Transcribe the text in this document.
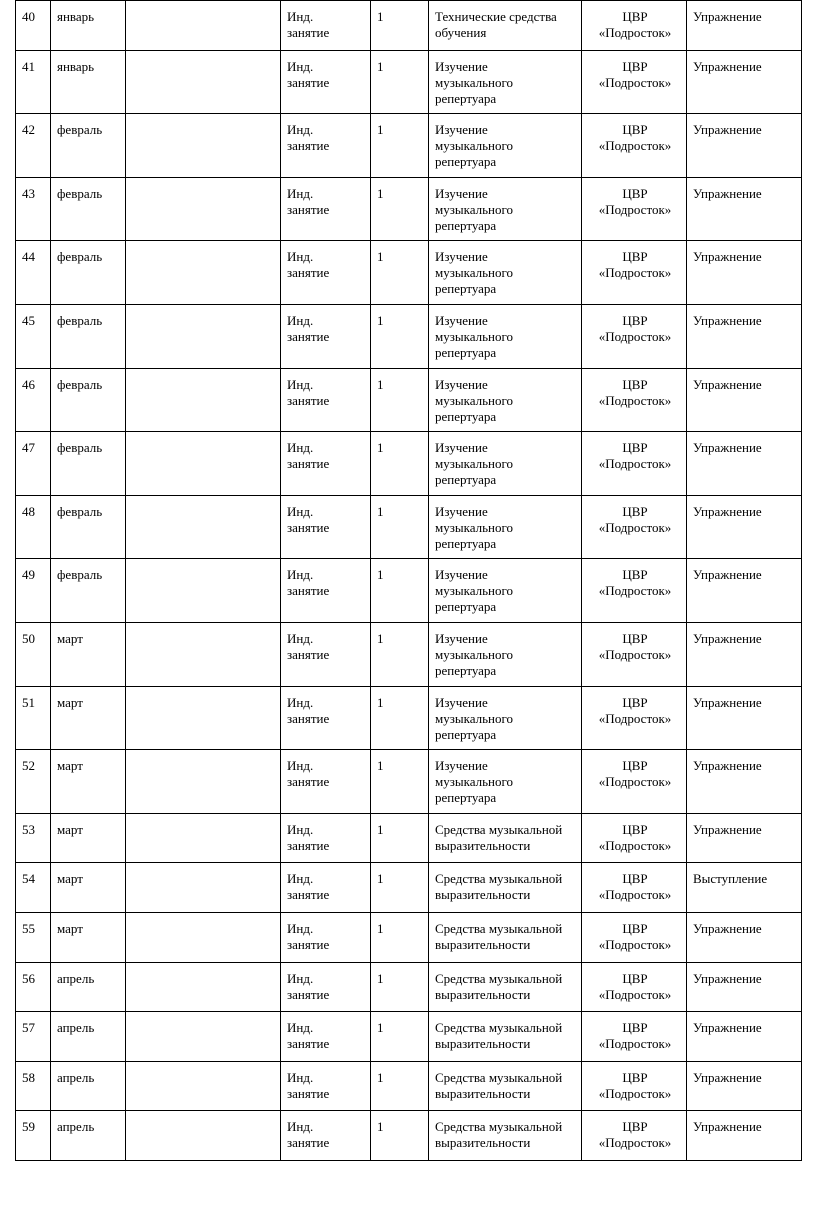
40	январь		Инд.
занятие	1	Технические средства
обучения	ЦВР
«Подросток»	Упражнение
41	январь		Инд.
занятие	1	Изучение
музыкального
репертуара	ЦВР
«Подросток»	Упражнение
42	февраль		Инд.
занятие	1	Изучение
музыкального
репертуара	ЦВР
«Подросток»	Упражнение
43	февраль		Инд.
занятие	1	Изучение
музыкального
репертуара	ЦВР
«Подросток»	Упражнение
44	февраль		Инд.
занятие	1	Изучение
музыкального
репертуара	ЦВР
«Подросток»	Упражнение
45	февраль		Инд.
занятие	1	Изучение
музыкального
репертуара	ЦВР
«Подросток»	Упражнение
46	февраль		Инд.
занятие	1	Изучение
музыкального
репертуара	ЦВР
«Подросток»	Упражнение
47	февраль		Инд.
занятие	1	Изучение
музыкального
репертуара	ЦВР
«Подросток»	Упражнение
48	февраль		Инд.
занятие	1	Изучение
музыкального
репертуара	ЦВР
«Подросток»	Упражнение
49	февраль		Инд.
занятие	1	Изучение
музыкального
репертуара	ЦВР
«Подросток»	Упражнение
50	март		Инд.
занятие	1	Изучение
музыкального
репертуара	ЦВР
«Подросток»	Упражнение
51	март		Инд.
занятие	1	Изучение
музыкального
репертуара	ЦВР
«Подросток»	Упражнение
52	март		Инд.
занятие	1	Изучение
музыкального
репертуара	ЦВР
«Подросток»	Упражнение
53	март		Инд.
занятие	1	Средства музыкальной
выразительности	ЦВР
«Подросток»	Упражнение
54	март		Инд.
занятие	1	Средства музыкальной
выразительности	ЦВР
«Подросток»	Выступление
55	март		Инд.
занятие	1	Средства музыкальной
выразительности	ЦВР
«Подросток»	Упражнение
56	апрель		Инд.
занятие	1	Средства музыкальной
выразительности	ЦВР
«Подросток»	Упражнение
57	апрель		Инд.
занятие	1	Средства музыкальной
выразительности	ЦВР
«Подросток»	Упражнение
58	апрель		Инд.
занятие	1	Средства музыкальной
выразительности	ЦВР
«Подросток»	Упражнение
59	апрель		Инд.
занятие	1	Средства музыкальной
выразительности	ЦВР
«Подросток»	Упражнение
